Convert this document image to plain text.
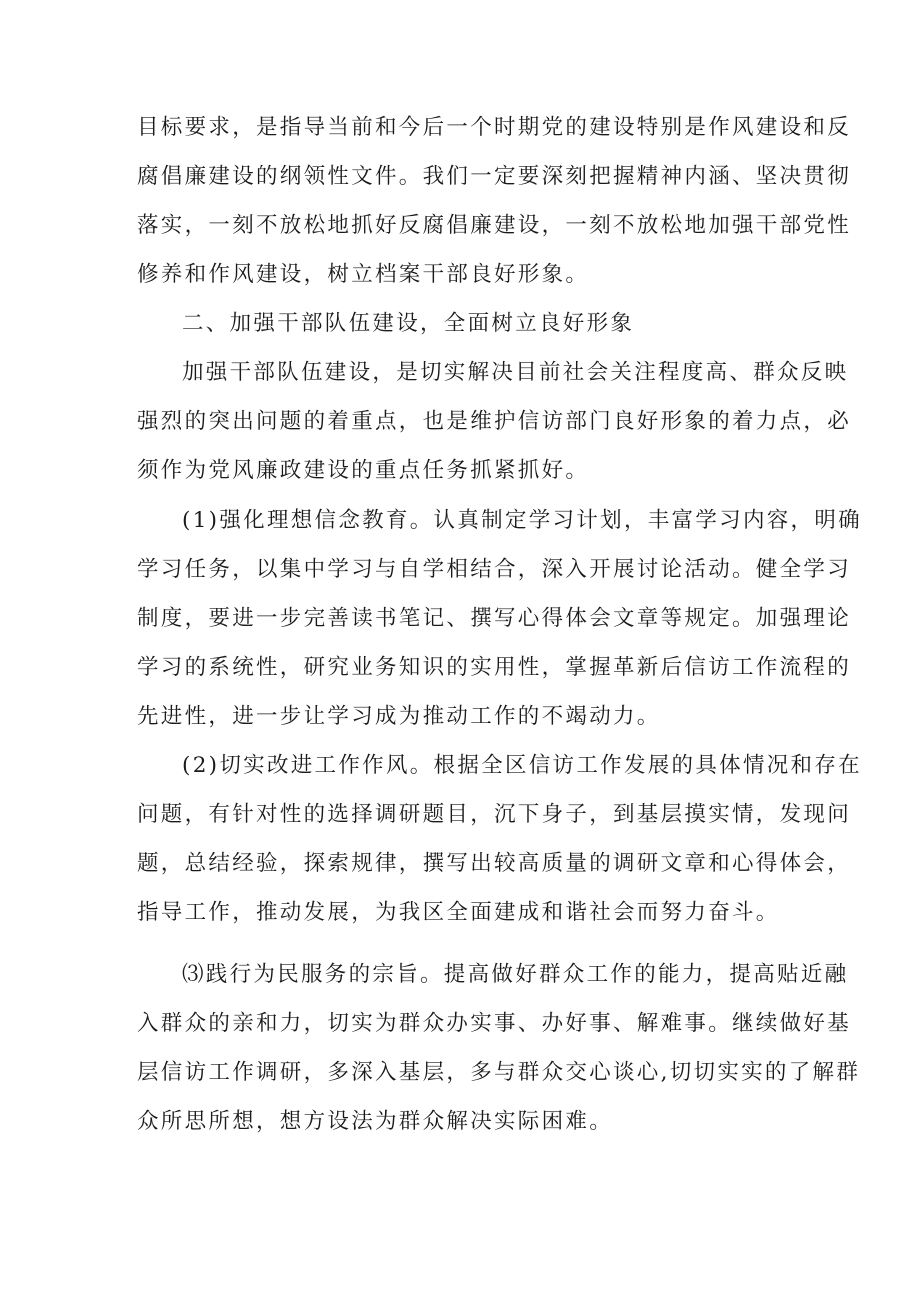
目标要求，是指导当前和今后一个时期党的建设特别是作风建设和反
腐倡廉建设的纲领性文件。我们一定要深刻把握精神内涵、坚决贯彻
落实，一刻不放松地抓好反腐倡廉建设，一刻不放松地加强干部党性
修养和作风建设，树立档案干部良好形象。
二、加强干部队伍建设，全面树立良好形象
加强干部队伍建设，是切实解决目前社会关注程度高、群众反映
强烈的突出问题的着重点，也是维护信访部门良好形象的着力点，必
须作为党风廉政建设的重点任务抓紧抓好。
(1)强化理想信念教育。认真制定学习计划，丰富学习内容，明确
学习任务，以集中学习与自学相结合，深入开展讨论活动。健全学习
制度，要进一步完善读书笔记、撰写心得体会文章等规定。加强理论
学习的系统性，研究业务知识的实用性，掌握革新后信访工作流程的
先进性，进一步让学习成为推动工作的不竭动力。
(2)切实改进工作作风。根据全区信访工作发展的具体情况和存在
问题，有针对性的选择调研题目，沉下身子，到基层摸实情，发现问
题，总结经验，探索规律，撰写出较高质量的调研文章和心得体会，
指导工作，推动发展，为我区全面建成和谐社会而努力奋斗。
⑶践行为民服务的宗旨。提高做好群众工作的能力，提高贴近融
入群众的亲和力，切实为群众办实事、办好事、解难事。继续做好基
层信访工作调研，多深入基层，多与群众交心谈心,切切实实的了解群
众所思所想，想方设法为群众解决实际困难。
